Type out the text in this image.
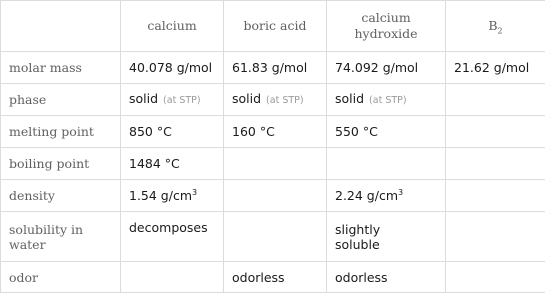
	calcium	boric acid	calcium hydroxide	$B_2$
molar mass	40.078 g/mol	61.83 g/mol	74.092 g/mol	21.62 g/mol
phase	solid (at STP)	solid (at STP)	solid (at STP)	
melting point	850 °C	160 °C	550 °C	
boiling point	1484 °C			
density	1.54 $g/cm^3$		2.24 $g/cm^3$	
solubility in water	decomposes		slightly soluble	
odor		odorless	odorless	
